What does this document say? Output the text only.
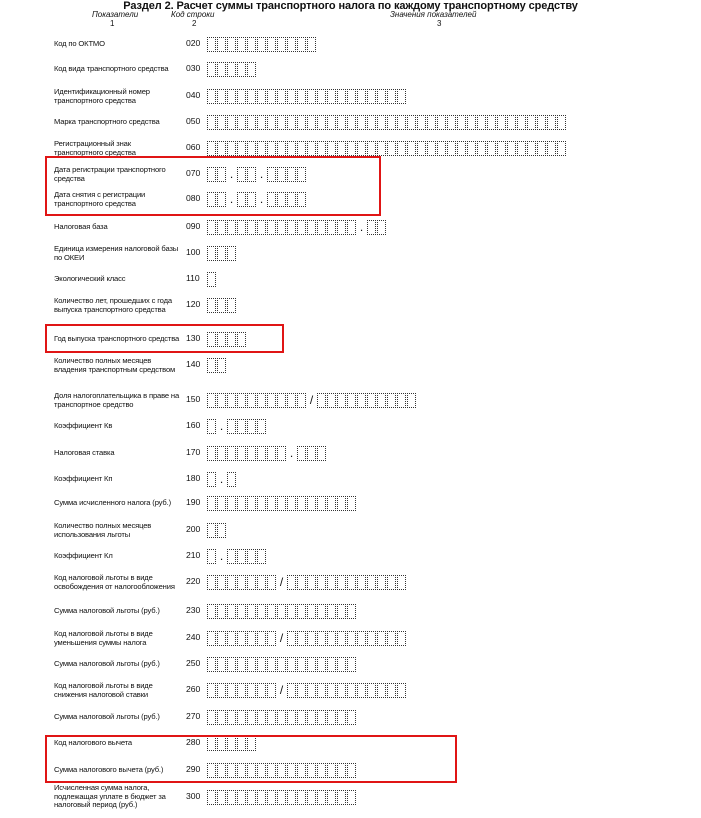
Раздел 2. Расчет суммы транспортного налога по каждому транспортному средству
Показатели	Код строки	Значения показателей
1	2	3
Код по ОКТМО	020
Код вида транспортного средства	030
Идентификационный номер транспортного средства
040
Марка транспортного средства	050
Регистрационный знак транспортного средства
060
Дата регистрации транспортного средства
070 . .
Дата снятия с регистрации транспортного средства
080 . .
Налоговая база	090	.
Единица измерения налоговой базы по ОКЕИ
100
Экологический класс	110
Количество лет, прошедших с года выпуска транспортного средства
120
Год выпуска транспортного средства 130
Количество полных месяцев владения транспортным средством
140
Доля налогоплательщика в праве на транспортное средство
150	/
Коэффициент Кв	160 .
Налоговая ставка	170	.
Коэффициент Кп	180 .
Сумма исчисленного налога (руб.)	190
Количество полных месяцев использования льготы
200
Коэффициент Кл	210 .
Код налоговой льготы в виде освобождения от налогообложения
220	/
Сумма налоговой льготы (руб.)	230
Код налоговой льготы в виде уменьшения суммы налога
240	/
Сумма налоговой льготы (руб.)	250
Код налоговой льготы в виде снижения налоговой ставки
260	/
Сумма налоговой льготы (руб.)	270
Код налогового вычета	280
Сумма налогового вычета (руб.)	290
Исчисленная сумма налога, подлежащая уплате в бюджет за налоговый период (руб.)
300
